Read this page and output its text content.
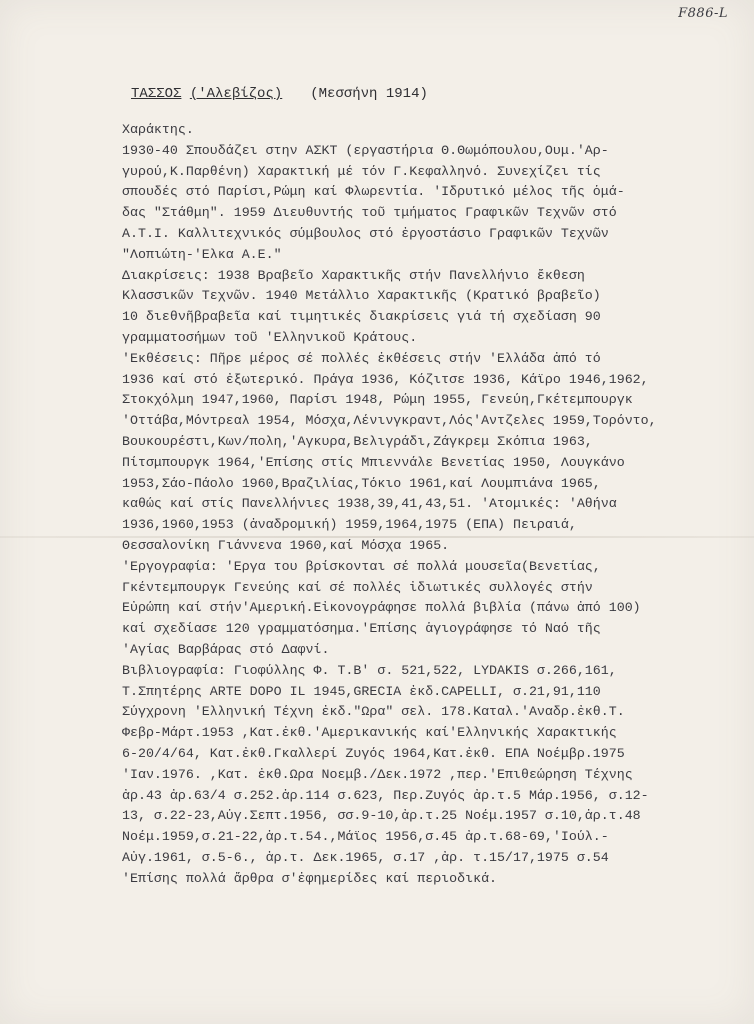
F886-L
ΤΑΣΣΟΣ ('Αλεβίζος) (Μεσσήνη 1914)
Χαράκτης.
1930-40 Σπουδάζει στην ΑΣΚΤ (εργαστήρια Θ.Θωμόπουλου,Ουμ.'Αρ-
γυρού,Κ.Παρθένη) Χαρακτική μέ τόν Γ.Κεφαλληνό. Συνεχίζει τίς
σπουδές στό Παρίσι,Ρώμη καί Φλωρεντία. 'Ιδρυτικό μέλος τῆς ὁμά-
δας "Στάθμη". 1959 Διευθυντής τοῦ τμήματος Γραφικῶν Τεχνῶν στό
Α.Τ.Ι. Καλλιτεχνικός σύμβουλος στό ἐργοστάσιο Γραφικῶν Τεχνῶν
"Λοπιώτη-'Ελκα Α.Ε."
Διακρίσεις: 1938 Βραβεῖο Χαρακτικῆς στήν Πανελλήνιο ἔκθεση
Κλασσικῶν Τεχνῶν. 1940 Μετάλλιο Χαρακτικῆς (Κρατικό βραβεῖο)
10 διεθνῆβραβεῖα καί τιμητικές διακρίσεις γιά τή σχεδίαση 90
γραμματοσήμων τοῦ 'Ελληνικοῦ Κράτους.
'Εκθέσεις: Πῆρε μέρος σέ πολλές ἐκθέσεις στήν 'Ελλάδα ἀπό τό
1936 καί στό ἐξωτερικό. Πράγα 1936, Κόζιτσε 1936, Κάϊρο 1946,1962,
Στοκχόλμη 1947,1960, Παρίσι 1948, Ρώμη 1955, Γενεύη,Γκέτεμπουργκ
'Οττάβα,Μόντρεαλ 1954, Μόσχα,Λένινγκραντ,Λός'Αντζελες 1959,Τορόντο,
Βουκουρέστι,Κων/πολη,'Αγκυρα,Βελιγράδι,Ζάγκρεμ Σκόπια 1963,
Πίτσμπουργκ 1964,'Επίσης στίς Μπιεννάλε Βενετίας 1950, Λουγκάνο
1953,Σάο-Πάολο 1960,Βραζιλίας,Τόκιο 1961,καί Λουμπιάνα 1965,
καθώς καί στίς Πανελλήνιες 1938,39,41,43,51. 'Ατομικές: 'Αθήνα
1936,1960,1953 (ἀναδρομική) 1959,1964,1975 (ΕΠΑ) Πειραιά,
Θεσσαλονίκη Γιάννενα 1960,καί Μόσχα 1965.
'Εργογραφία: 'Εργα του βρίσκονται σέ πολλά μουσεῖα(Βενετίας,
Γκέντεμπουργκ Γενεύης καί σέ πολλές ἰδιωτικές συλλογές στήν
Εὐρώπη καί στήν'Αμερική.Εἰκονογράφησε πολλά βιβλία (πάνω ἀπό 100)
καί σχεδίασε 120 γραμματόσημα.'Επίσης ἁγιογράφησε τό Ναό τῆς
'Αγίας Βαρβάρας στό Δαφνί.
Βιβλιογραφία: Γιοφύλλης Φ. Τ.Β' σ. 521,522, LYDAKIS σ.266,161,
Τ.Σπητέρης ARTE DOPO IL 1945,GRECIA ἐκδ.CAPELLI, σ.21,91,110
Σύγχρονη 'Ελληνική Τέχνη ἐκδ."Ωρα" σελ. 178.Καταλ.'Αναδρ.ἐκθ.Τ.
Φεβρ-Μάρτ.1953 ,Κατ.ἐκθ.'Αμερικανικής καί'Ελληνικής Χαρακτικής
6-20/4/64, Κατ.ἐκθ.Γκαλλερί Ζυγός 1964,Κατ.ἐκθ. ΕΠΑ Νοέμβρ.1975
'Ιαν.1976. ,Κατ. ἐκθ.Ωρα Νοεμβ./Δεκ.1972 ,περ.'Επιθεώρηση Τέχνης
ἀρ.43 ἀρ.63/4 σ.252.ἀρ.114 σ.623, Περ.Ζυγός ἀρ.τ.5 Μάρ.1956, σ.12-
13, σ.22-23,Αὐγ.Σεπτ.1956, σσ.9-10,ἀρ.τ.25 Νοέμ.1957 σ.10,ἀρ.τ.48
Νοέμ.1959,σ.21-22,ἀρ.τ.54.,Μάϊος 1956,σ.45 ἀρ.τ.68-69,'Ιούλ.-
Αὐγ.1961, σ.5-6., ἀρ.τ. Δεκ.1965, σ.17 ,ἀρ. τ.15/17,1975 σ.54
'Επίσης πολλά ἄρθρα σ'ἐφημερίδες καί περιοδικά.
